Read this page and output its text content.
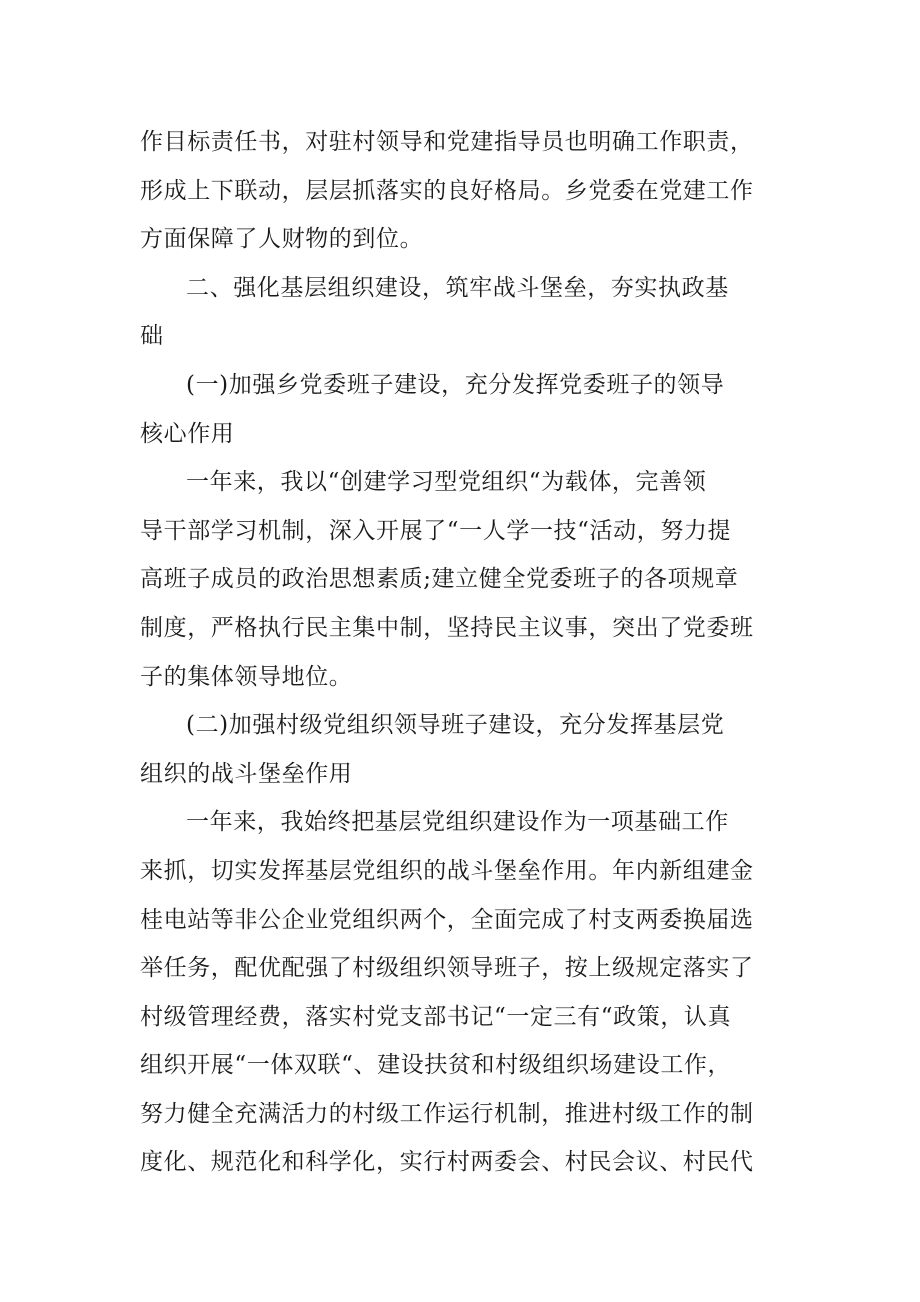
作目标责任书，对驻村领导和党建指导员也明确工作职责，
形成上下联动，层层抓落实的良好格局。乡党委在党建工作
方面保障了人财物的到位。

二、强化基层组织建设，筑牢战斗堡垒，夯实执政基
础

(一)加强乡党委班子建设，充分发挥党委班子的领导
核心作用

一年来，我以“创建学习型党组织“为载体，完善领
导干部学习机制，深入开展了“一人学一技“活动，努力提
高班子成员的政治思想素质;建立健全党委班子的各项规章
制度，严格执行民主集中制，坚持民主议事，突出了党委班
子的集体领导地位。

(二)加强村级党组织领导班子建设，充分发挥基层党
组织的战斗堡垒作用

一年来，我始终把基层党组织建设作为一项基础工作
来抓，切实发挥基层党组织的战斗堡垒作用。年内新组建金
桂电站等非公企业党组织两个，全面完成了村支两委换届选
举任务，配优配强了村级组织领导班子，按上级规定落实了
村级管理经费，落实村党支部书记“一定三有“政策，认真
组织开展“一体双联“、建设扶贫和村级组织场建设工作，
努力健全充满活力的村级工作运行机制，推进村级工作的制
度化、规范化和科学化，实行村两委会、村民会议、村民代
